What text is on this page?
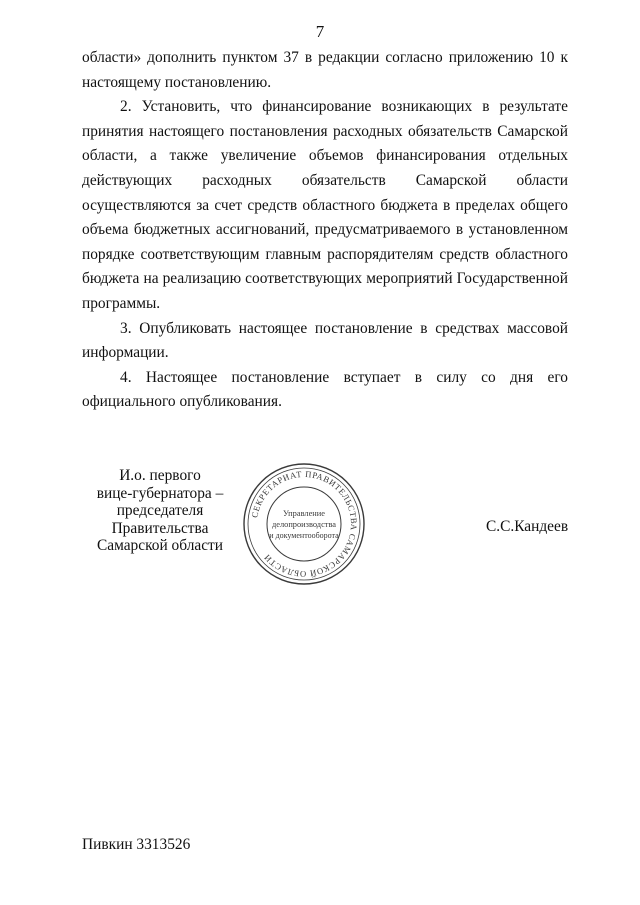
7

области» дополнить пунктом 37 в редакции согласно приложению 10 к настоящему постановлению.

2. Установить, что финансирование возникающих в результате принятия настоящего постановления расходных обязательств Самарской области, а также увеличение объемов финансирования отдельных действующих расходных обязательств Самарской области осуществляются за счет средств областного бюджета в пределах общего объема бюджетных ассигнований, предусматриваемого в установленном порядке соответствующим главным распорядителям средств областного бюджета на реализацию соответствующих мероприятий Государственной программы.

3. Опубликовать настоящее постановление в средствах массовой информации.

4. Настоящее постановление вступает в силу со дня его официального опубликования.

И.о. первого
вице-губернатора –
председателя Правительства
Самарской области
СЕКРЕТАРИАТ ПРАВИТЕЛЬСТВА САМАРСКОЙ ОБЛАСТИ
Управление
делопроизводства
и документооборота
С.С.Кандеев
Пивкин 3313526
